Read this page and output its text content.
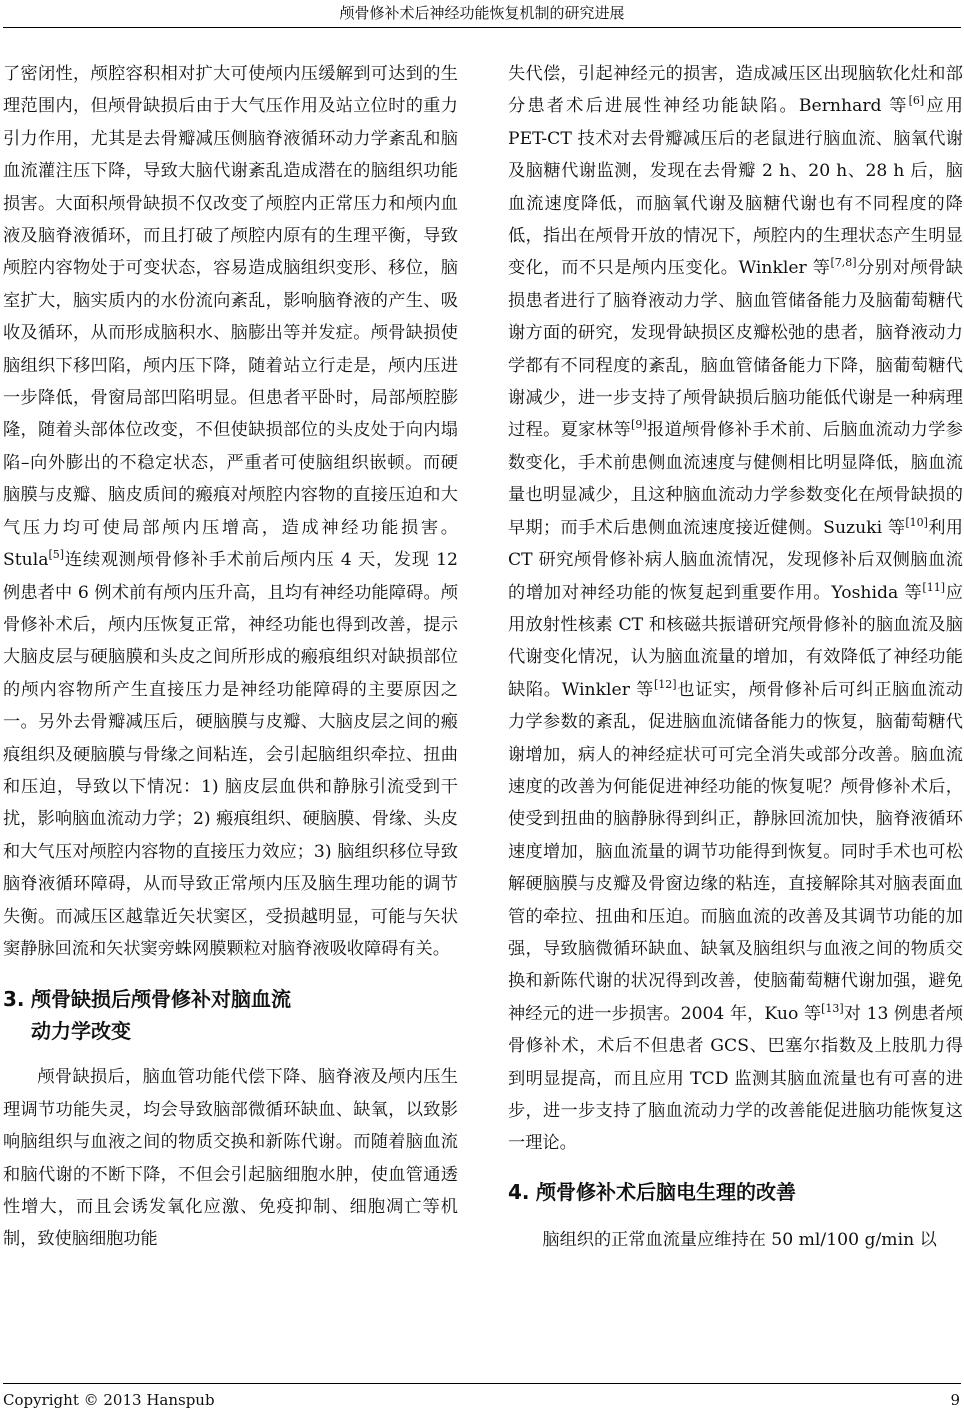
颅骨修补术后神经功能恢复机制的研究进展

了密闭性，颅腔容积相对扩大可使颅内压缓解到可达到的生理范围内，但颅骨缺损后由于大气压作用及站立位时的重力引力作用，尤其是去骨瓣减压侧脑脊液循环动力学紊乱和脑血流灌注压下降，导致大脑代谢紊乱造成潜在的脑组织功能损害。大面积颅骨缺损不仅改变了颅腔内正常压力和颅内血液及脑脊液循环，而且打破了颅腔内原有的生理平衡，导致颅腔内容物处于可变状态，容易造成脑组织变形、移位，脑室扩大，脑实质内的水份流向紊乱，影响脑脊液的产生、吸收及循环，从而形成脑积水、脑膨出等并发症。颅骨缺损使脑组织下移凹陷，颅内压下降，随着站立行走是，颅内压进一步降低，骨窗局部凹陷明显。但患者平卧时，局部颅腔膨隆，随着头部体位改变，不但使缺损部位的头皮处于向内塌陷–向外膨出的不稳定状态，严重者可使脑组织嵌顿。而硬脑膜与皮瓣、脑皮质间的瘢痕对颅腔内容物的直接压迫和大气压力均可使局部颅内压增高，造成神经功能损害。Stula[5]连续观测颅骨修补手术前后颅内压 4 天，发现 12 例患者中 6 例术前有颅内压升高，且均有神经功能障碍。颅骨修补术后，颅内压恢复正常，神经功能也得到改善，提示大脑皮层与硬脑膜和头皮之间所形成的瘢痕组织对缺损部位的颅内容物所产生直接压力是神经功能障碍的主要原因之一。另外去骨瓣减压后，硬脑膜与皮瓣、大脑皮层之间的瘢痕组织及硬脑膜与骨缘之间粘连，会引起脑组织牵拉、扭曲和压迫，导致以下情况：1) 脑皮层血供和静脉引流受到干扰，影响脑血流动力学；2) 瘢痕组织、硬脑膜、骨缘、头皮和大气压对颅腔内容物的直接压力效应；3) 脑组织移位导致脑脊液循环障碍，从而导致正常颅内压及脑生理功能的调节失衡。而减压区越靠近矢状窦区，受损越明显，可能与矢状窦静脉回流和矢状窦旁蛛网膜颗粒对脑脊液吸收障碍有关。

3. 颅骨缺损后颅骨修补对脑血流
动力学改变

颅骨缺损后，脑血管功能代偿下降、脑脊液及颅内压生理调节功能失灵，均会导致脑部微循环缺血、缺氧，以致影响脑组织与血液之间的物质交换和新陈代谢。而随着脑血流和脑代谢的不断下降，不但会引起脑细胞水肿，使血管通透性增大，而且会诱发氧化应激、免疫抑制、细胞凋亡等机制，致使脑细胞功能

失代偿，引起神经元的损害，造成减压区出现脑软化灶和部分患者术后进展性神经功能缺陷。Bernhard 等[6]应用 PET-CT 技术对去骨瓣减压后的老鼠进行脑血流、脑氧代谢及脑糖代谢监测，发现在去骨瓣 2 h、20 h、28 h 后，脑血流速度降低，而脑氧代谢及脑糖代谢也有不同程度的降低，指出在颅骨开放的情况下，颅腔内的生理状态产生明显变化，而不只是颅内压变化。Winkler 等[7,8]分别对颅骨缺损患者进行了脑脊液动力学、脑血管储备能力及脑葡萄糖代谢方面的研究，发现骨缺损区皮瓣松弛的患者，脑脊液动力学都有不同程度的紊乱，脑血管储备能力下降，脑葡萄糖代谢减少，进一步支持了颅骨缺损后脑功能低代谢是一种病理过程。夏家林等[9]报道颅骨修补手术前、后脑血流动力学参数变化，手术前患侧血流速度与健侧相比明显降低，脑血流量也明显减少，且这种脑血流动力学参数变化在颅骨缺损的早期；而手术后患侧血流速度接近健侧。Suzuki 等[10]利用 CT 研究颅骨修补病人脑血流情况，发现修补后双侧脑血流的增加对神经功能的恢复起到重要作用。Yoshida 等[11]应用放射性核素 CT 和核磁共振谱研究颅骨修补的脑血流及脑代谢变化情况，认为脑血流量的增加，有效降低了神经功能缺陷。Winkler 等[12]也证实，颅骨修补后可纠正脑血流动力学参数的紊乱，促进脑血流储备能力的恢复，脑葡萄糖代谢增加，病人的神经症状可可完全消失或部分改善。脑血流速度的改善为何能促进神经功能的恢复呢？颅骨修补术后，使受到扭曲的脑静脉得到纠正，静脉回流加快，脑脊液循环速度增加，脑血流量的调节功能得到恢复。同时手术也可松解硬脑膜与皮瓣及骨窗边缘的粘连，直接解除其对脑表面血管的牵拉、扭曲和压迫。而脑血流的改善及其调节功能的加强，导致脑微循环缺血、缺氧及脑组织与血液之间的物质交换和新陈代谢的状况得到改善，使脑葡萄糖代谢加强，避免神经元的进一步损害。2004 年，Kuo 等[13]对 13 例患者颅骨修补术，术后不但患者 GCS、巴塞尔指数及上肢肌力得到明显提高，而且应用 TCD 监测其脑血流量也有可喜的进步，进一步支持了脑血流动力学的改善能促进脑功能恢复这一理论。

4. 颅骨修补术后脑电生理的改善

脑组织的正常血流量应维持在 50 ml/100 g/min 以

Copyright © 2013 Hanspub	9
